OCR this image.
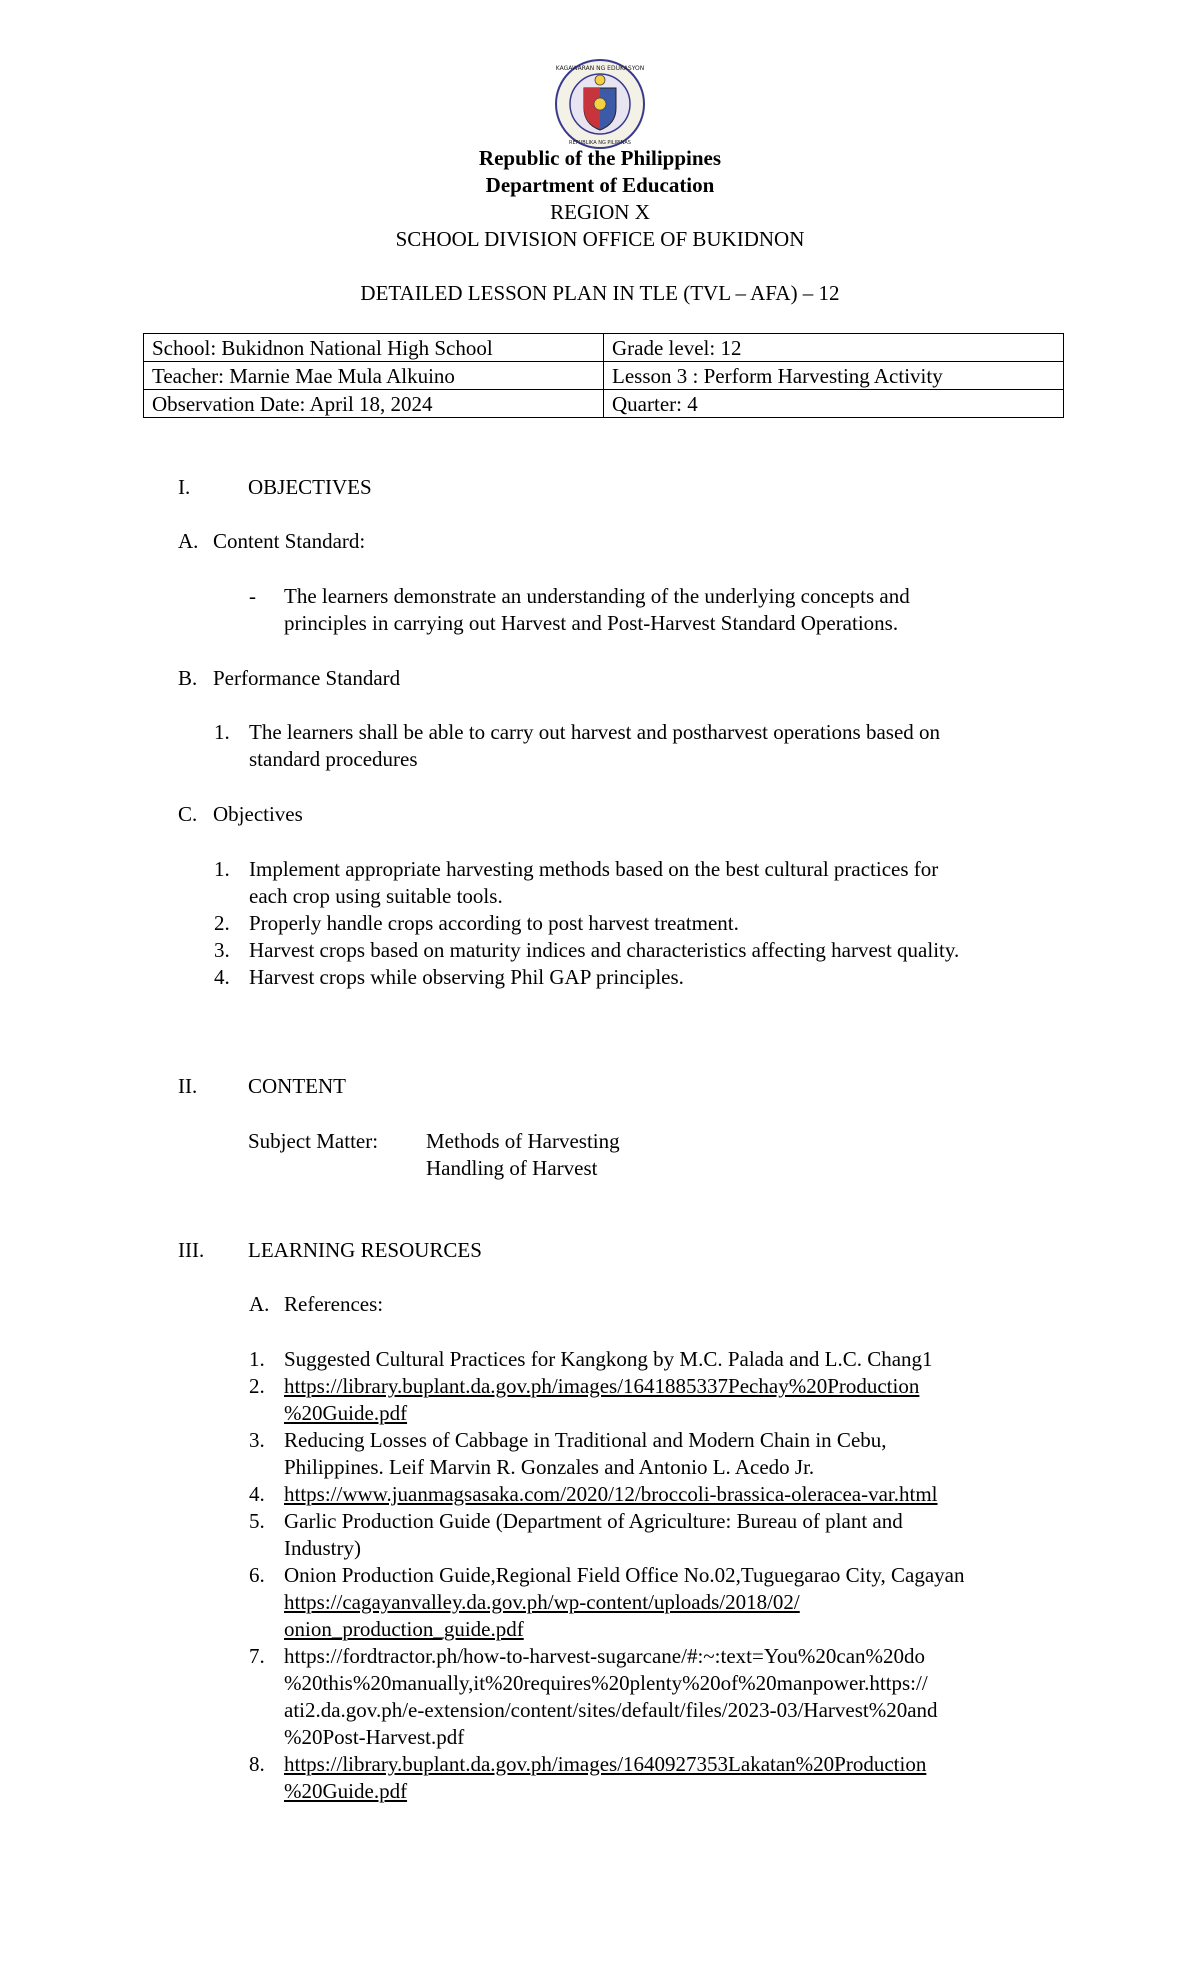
KAGAWARAN NG EDUKASYON
REPUBLIKA NG PILIPINAS
Republic of the Philippines
Department of Education
REGION X
SCHOOL DIVISION OFFICE OF BUKIDNON
DETAILED LESSON PLAN IN TLE (TVL – AFA) – 12
School: Bukidnon National High School	Grade level: 12
Teacher: Marnie Mae Mula Alkuino	Lesson 3 : Perform Harvesting Activity
Observation Date: April 18, 2024	Quarter: 4
I.	OBJECTIVES
A. Content Standard:
- The learners demonstrate an understanding of the underlying concepts and
principles in carrying out Harvest and Post-Harvest Standard Operations.
B. Performance Standard
1. The learners shall be able to carry out harvest and postharvest operations based on
standard procedures
C. Objectives
1. Implement appropriate harvesting methods based on the best cultural practices for
each crop using suitable tools.
2. Properly handle crops according to post harvest treatment.
3. Harvest crops based on maturity indices and characteristics affecting harvest quality.
4. Harvest crops while observing Phil GAP principles.
II. CONTENT
Subject Matter: Methods of Harvesting
Handling of Harvest
III. LEARNING RESOURCES
A. References:
1. Suggested Cultural Practices for Kangkong by M.C. Palada and L.C. Chang1
2. https://library.buplant.da.gov.ph/images/1641885337Pechay%20Production
%20Guide.pdf
3. Reducing Losses of Cabbage in Traditional and Modern Chain in Cebu,
Philippines. Leif Marvin R. Gonzales and Antonio L. Acedo Jr.
4. https://www.juanmagsasaka.com/2020/12/broccoli-brassica-oleracea-var.html
5. Garlic Production Guide (Department of Agriculture: Bureau of plant and
Industry)
6. Onion Production Guide,Regional Field Office No.02,Tuguegarao City, Cagayan
https://cagayanvalley.da.gov.ph/wp-content/uploads/2018/02/
onion_production_guide.pdf
7. https://fordtractor.ph/how-to-harvest-sugarcane/#:~:text=You%20can%20do
%20this%20manually,it%20requires%20plenty%20of%20manpower.https://
ati2.da.gov.ph/e-extension/content/sites/default/files/2023-03/Harvest%20and
%20Post-Harvest.pdf
8. https://library.buplant.da.gov.ph/images/1640927353Lakatan%20Production
%20Guide.pdf
